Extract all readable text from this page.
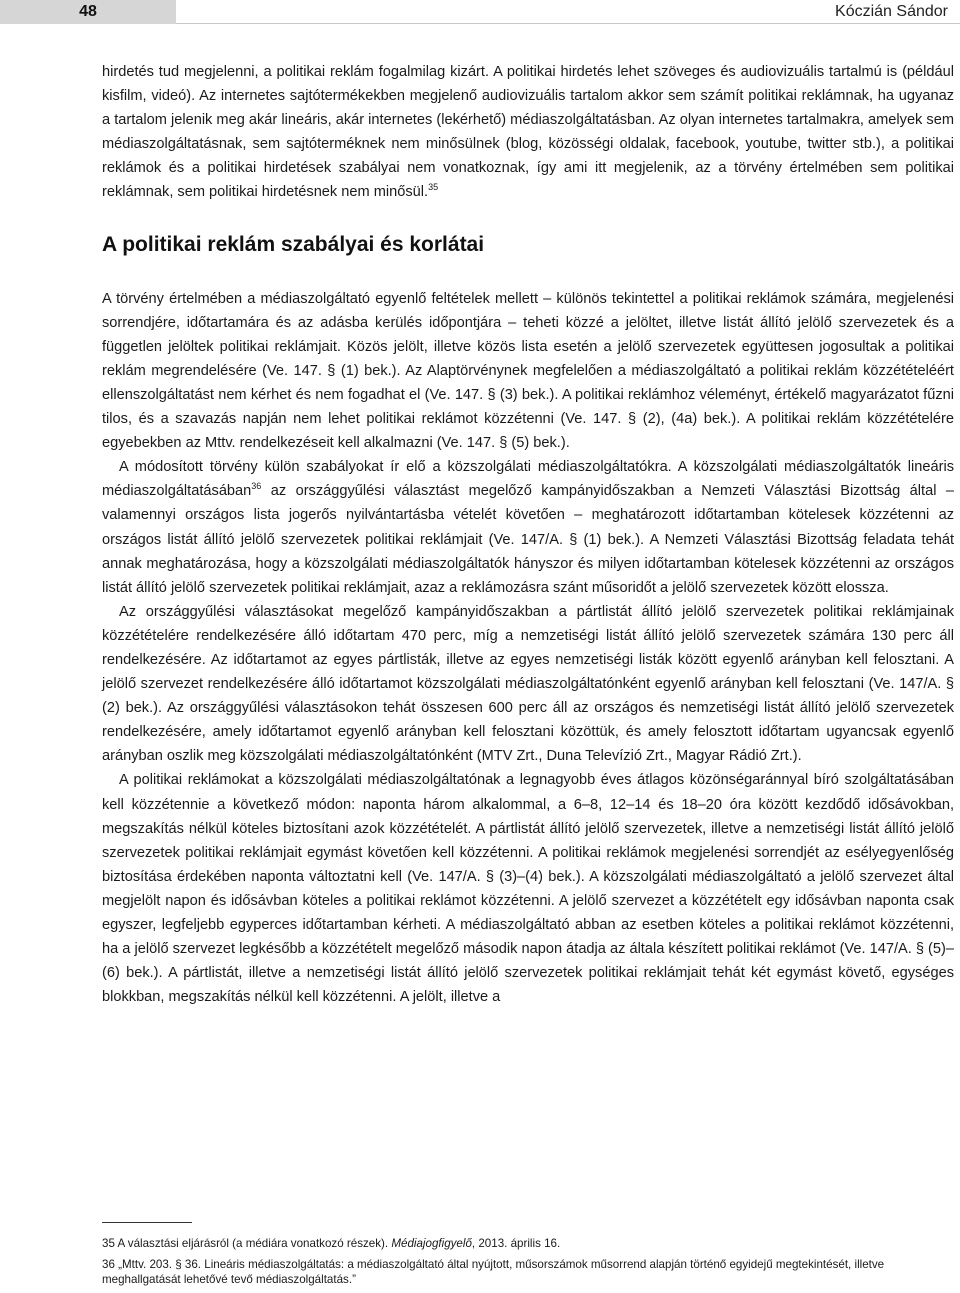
48	Kóczián Sándor

hirdetés tud megjelenni, a politikai reklám fogalmilag kizárt. A politikai hirdetés lehet szöveges és audiovizuális tartalmú is (például kisfilm, videó). Az internetes sajtótermékekben megjelenő audiovizuális tartalom akkor sem számít politikai reklámnak, ha ugyanaz a tartalom jelenik meg akár lineáris, akár internetes (lekérhető) médiaszolgáltatásban. Az olyan internetes tartalmakra, amelyek sem médiaszolgáltatásnak, sem sajtóterméknek nem minősülnek (blog, közösségi oldalak, facebook, youtube, twitter stb.), a politikai reklámok és a politikai hirdetések szabályai nem vonatkoznak, így ami itt megjelenik, az a törvény értelmében sem politikai reklámnak, sem politikai hirdetésnek nem minősül.$^{35}$

A politikai reklám szabályai és korlátai

A törvény értelmében a médiaszolgáltató egyenlő feltételek mellett – különös tekintettel a politikai reklámok számára, megjelenési sorrendjére, időtartamára és az adásba kerülés időpontjára – teheti közzé a jelöltet, illetve listát állító jelölő szervezetek és a független jelöltek politikai reklámjait. Közös jelölt, illetve közös lista esetén a jelölő szervezetek együttesen jogosultak a politikai reklám megrendelésére (Ve. 147. § (1) bek.). Az Alaptörvénynek megfelelően a médiaszolgáltató a politikai reklám közzétételéért ellenszolgáltatást nem kérhet és nem fogadhat el (Ve. 147. § (3) bek.). A politikai reklámhoz véleményt, értékelő magyarázatot fűzni tilos, és a szavazás napján nem lehet politikai reklámot közzétenni (Ve. 147. § (2), (4a) bek.). A politikai reklám közzétételére egyebekben az Mttv. rendelkezéseit kell alkalmazni (Ve. 147. § (5) bek.).

A módosított törvény külön szabályokat ír elő a közszolgálati médiaszolgáltatókra. A közszolgálati médiaszolgáltatók lineáris médiaszolgáltatásában$^{36}$ az országgyűlési választást megelőző kampányidőszakban a Nemzeti Választási Bizottság által – valamennyi országos lista jogerős nyilvántartásba vételét követően – meghatározott időtartamban kötelesek közzétenni az országos listát állító jelölő szervezetek politikai reklámjait (Ve. 147/A. § (1) bek.). A Nemzeti Választási Bizottság feladata tehát annak meghatározása, hogy a közszolgálati médiaszolgáltatók hányszor és milyen időtartamban kötelesek közzétenni az országos listát állító jelölő szervezetek politikai reklámjait, azaz a reklámozásra szánt műsoridőt a jelölő szervezetek között elossza.

Az országgyűlési választásokat megelőző kampányidőszakban a pártlistát állító jelölő szervezetek politikai reklámjainak közzétételére rendelkezésére álló időtartam 470 perc, míg a nemzetiségi listát állító jelölő szervezetek számára 130 perc áll rendelkezésére. Az időtartamot az egyes pártlisták, illetve az egyes nemzetiségi listák között egyenlő arányban kell felosztani. A jelölő szervezet rendelkezésére álló időtartamot közszolgálati médiaszolgáltatónként egyenlő arányban kell felosztani (Ve. 147/A. § (2) bek.). Az országgyűlési választásokon tehát összesen 600 perc áll az országos és nemzetiségi listát állító jelölő szervezetek rendelkezésére, amely időtartamot egyenlő arányban kell felosztani közöttük, és amely felosztott időtartam ugyancsak egyenlő arányban oszlik meg közszolgálati médiaszolgáltatónként (MTV Zrt., Duna Televízió Zrt., Magyar Rádió Zrt.).

A politikai reklámokat a közszolgálati médiaszolgáltatónak a legnagyobb éves átlagos közönségaránnyal bíró szolgáltatásában kell közzétennie a következő módon: naponta három alkalommal, a 6–8, 12–14 és 18–20 óra között kezdődő idősávokban, megszakítás nélkül köteles biztosítani azok közzétételét. A pártlistát állító jelölő szervezetek, illetve a nemzetiségi listát állító jelölő szervezetek politikai reklámjait egymást követően kell közzétenni. A politikai reklámok megjelenési sorrendjét az esélyegyenlőség biztosítása érdekében naponta változtatni kell (Ve. 147/A. § (3)–(4) bek.). A közszolgálati médiaszolgáltató a jelölő szervezet által megjelölt napon és idősávban köteles a politikai reklámot közzétenni. A jelölő szervezet a közzétételt egy idősávban naponta csak egyszer, legfeljebb egyperces időtartamban kérheti. A médiaszolgáltató abban az esetben köteles a politikai reklámot közzétenni, ha a jelölő szervezet legkésőbb a közzétételt megelőző második napon átadja az általa készített politikai reklámot (Ve. 147/A. § (5)–(6) bek.). A pártlistát, illetve a nemzetiségi listát állító jelölő szervezetek politikai reklámjait tehát két egymást követő, egységes blokkban, megszakítás nélkül kell közzétenni. A jelölt, illetve a

35 A választási eljárásról (a médiára vonatkozó részek). Médiajogfigyelő, 2013. április 16.

36 „Mttv. 203. § 36. Lineáris médiaszolgáltatás: a médiaszolgáltató által nyújtott, műsorszámok műsorrend alapján történő egyidejű megtekintését, illetve meghallgatását lehetővé tevő médiaszolgáltatás.”
